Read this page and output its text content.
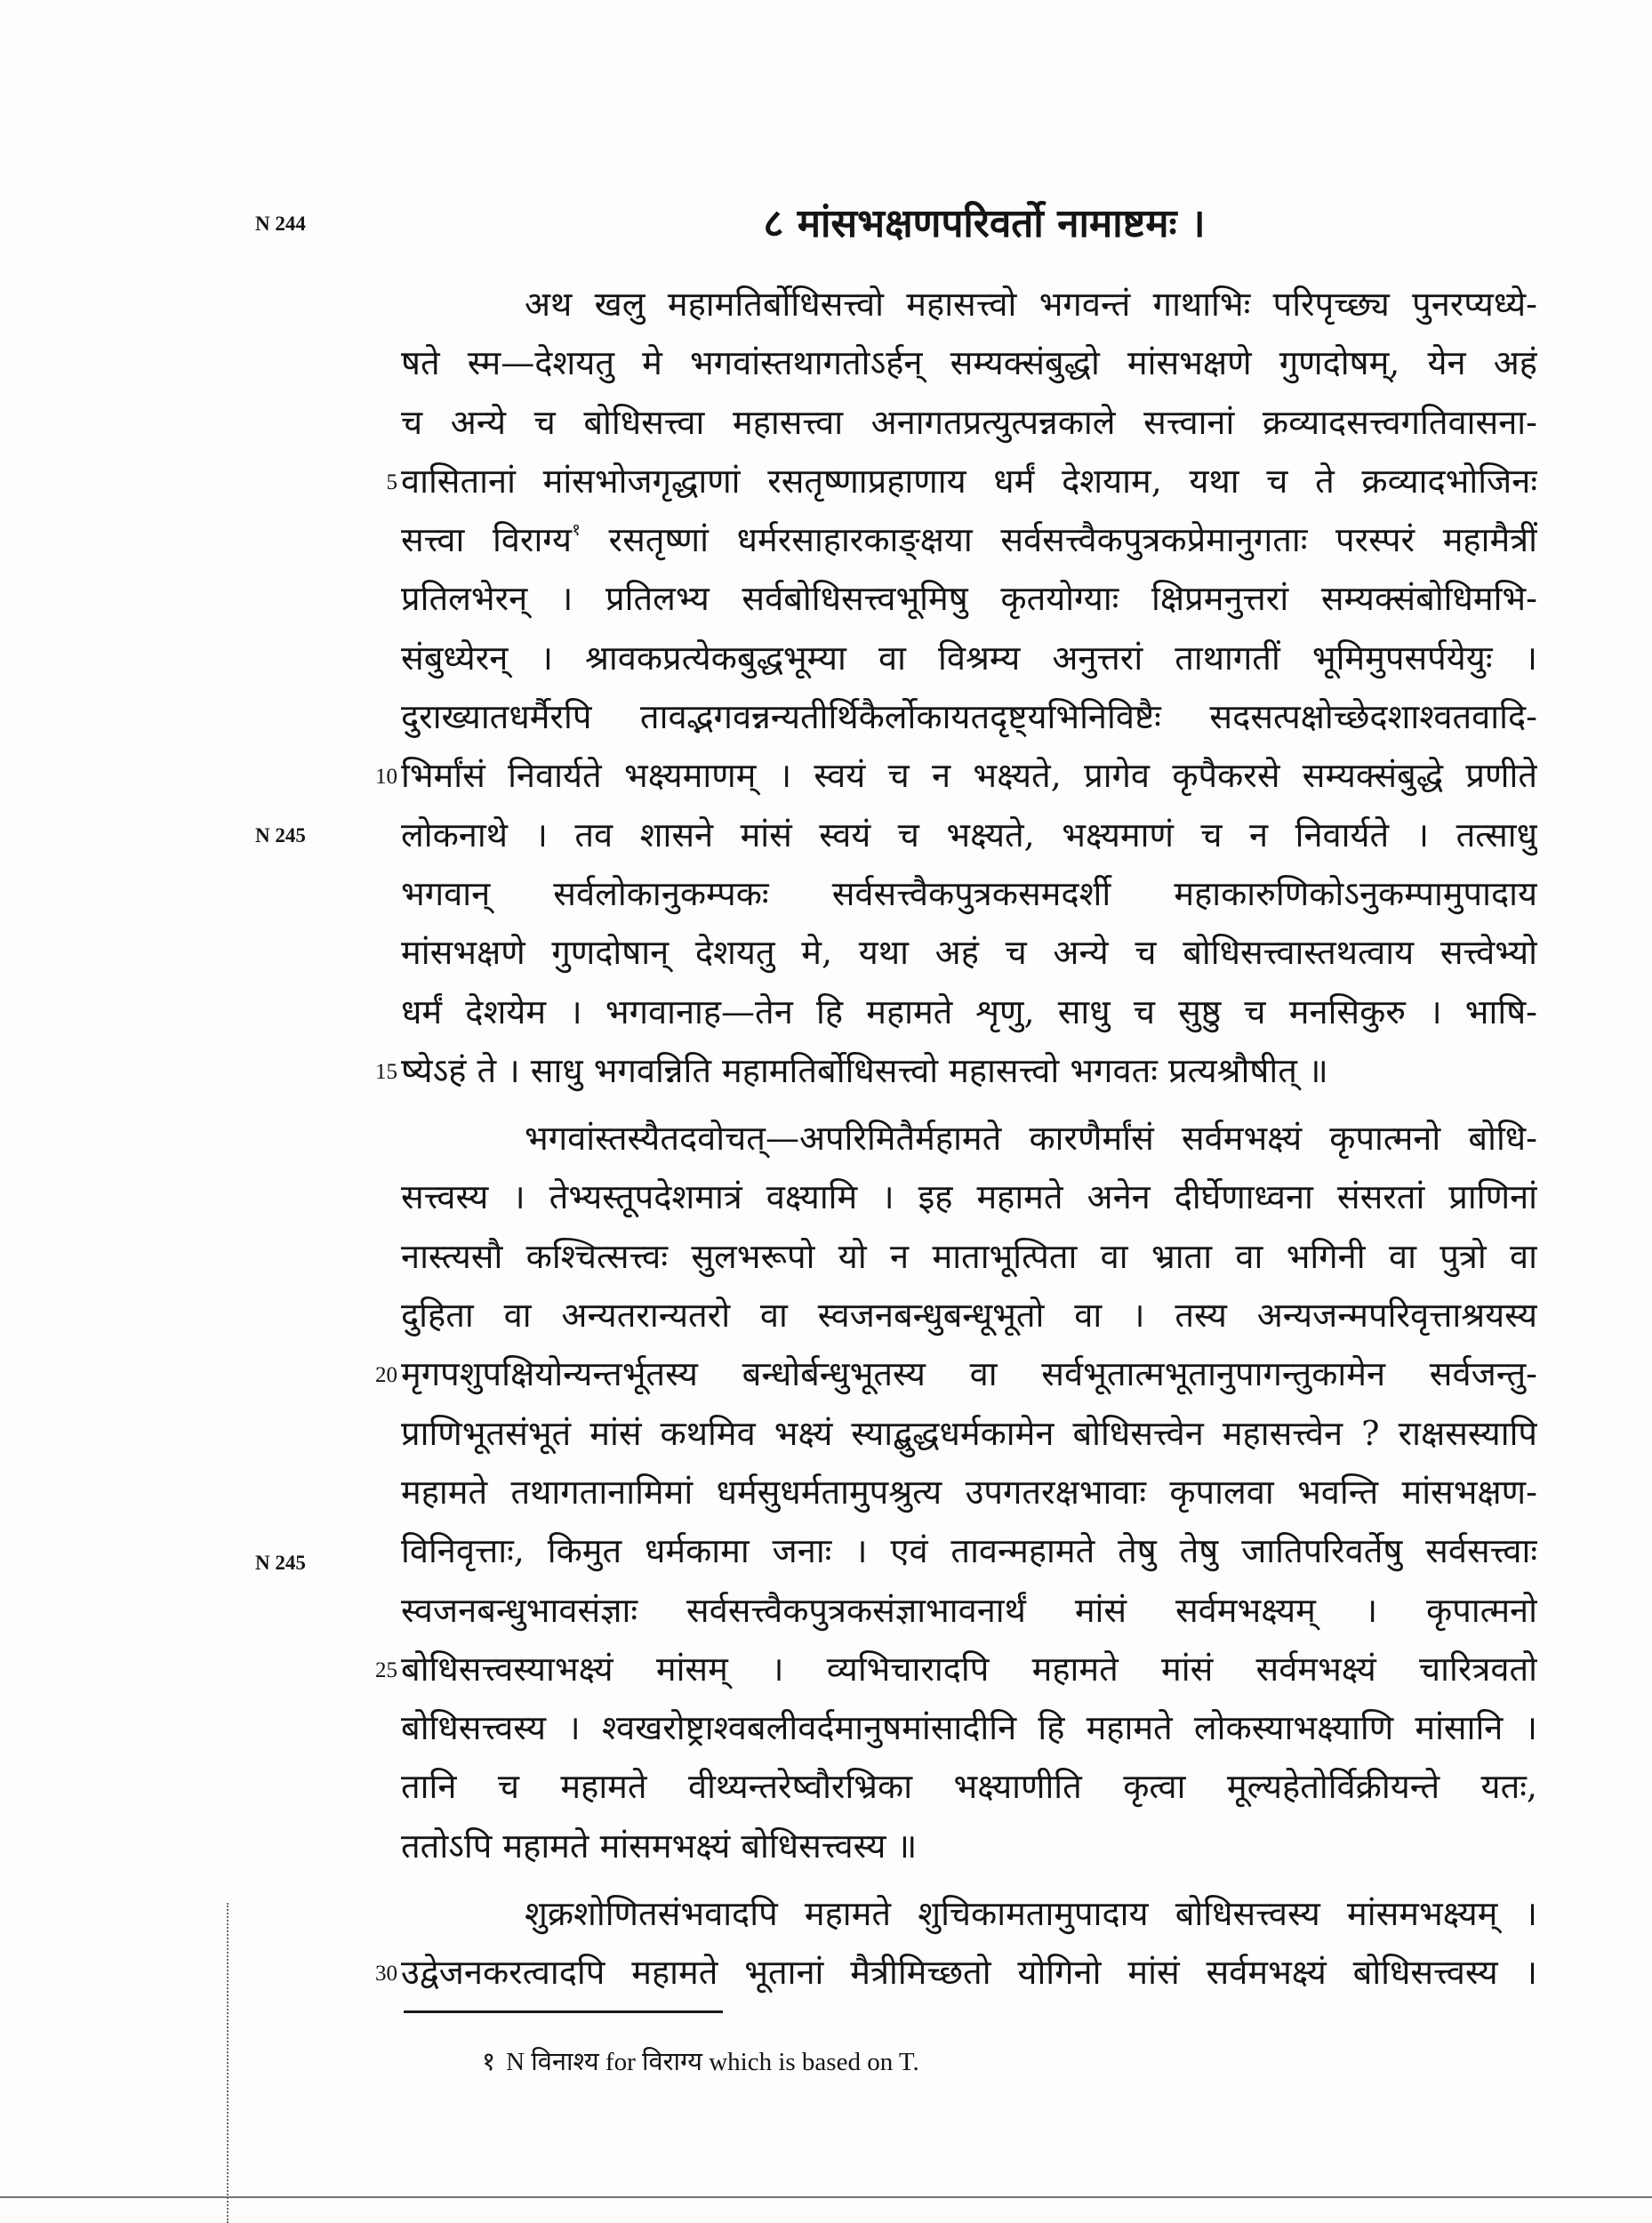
N 244
N 245
N 245
८ मांसभक्षणपरिवर्तो नामाष्टमः ।
अथ खलु महामतिर्बोधिसत्त्वो महासत्त्वो भगवन्तं गाथाभिः परिपृच्छ्य पुनरप्यध्ये-
षते स्म—देशयतु मे भगवांस्तथागतोऽर्हन् सम्यक्संबुद्धो मांसभक्षणे गुणदोषम्, येन अहं
च अन्ये च बोधिसत्त्वा महासत्त्वा अनागतप्रत्युत्पन्नकाले सत्त्वानां क्रव्यादसत्त्वगतिवासना-
5 वासितानां मांसभोजगृद्धाणां रसतृष्णाप्रहाणाय धर्मं देशयाम, यथा च ते क्रव्यादभोजिनः
सत्त्वा विराग्य$^१$ रसतृष्णां धर्मरसाहारकाङ्क्षया सर्वसत्त्वैकपुत्रकप्रेमानुगताः परस्परं महामैत्रीं
प्रतिलभेरन् । प्रतिलभ्य सर्वबोधिसत्त्वभूमिषु कृतयोग्याः क्षिप्रमनुत्तरां सम्यक्संबोधिमभि-
संबुध्येरन् । श्रावकप्रत्येकबुद्धभूम्या वा विश्रम्य अनुत्तरां ताथागतीं भूमिमुपसर्पयेयुः ।
दुराख्यातधर्मैरपि तावद्भगवन्नन्यतीर्थिकैर्लोकायतदृष्ट्यभिनिविष्टैः सदसत्पक्षोच्छेदशाश्वतवादि-
10 भिर्मांसं निवार्यते भक्ष्यमाणम् । स्वयं च न भक्ष्यते, प्रागेव कृपैकरसे सम्यक्संबुद्धे प्रणीते
लोकनाथे । तव शासने मांसं स्वयं च भक्ष्यते, भक्ष्यमाणं च न निवार्यते । तत्साधु
भगवान् सर्वलोकानुकम्पकः सर्वसत्त्वैकपुत्रकसमदर्शी महाकारुणिकोऽनुकम्पामुपादाय
मांसभक्षणे गुणदोषान् देशयतु मे, यथा अहं च अन्ये च बोधिसत्त्वास्तथत्वाय सत्त्वेभ्यो
धर्मं देशयेम । भगवानाह—तेन हि महामते शृणु, साधु च सुष्ठु च मनसिकुरु । भाषि-
15 ष्येऽहं ते । साधु भगवन्निति महामतिर्बोधिसत्त्वो महासत्त्वो भगवतः प्रत्यश्रौषीत् ॥
भगवांस्तस्यैतदवोचत्—अपरिमितैर्महामते कारणैर्मांसं सर्वमभक्ष्यं कृपात्मनो बोधि-
सत्त्वस्य । तेभ्यस्तूपदेशमात्रं वक्ष्यामि । इह महामते अनेन दीर्घेणाध्वना संसरतां प्राणिनां
नास्त्यसौ कश्चित्सत्त्वः सुलभरूपो यो न माताभूत्पिता वा भ्राता वा भगिनी वा पुत्रो वा
दुहिता वा अन्यतरान्यतरो वा स्वजनबन्धुबन्धूभूतो वा । तस्य अन्यजन्मपरिवृत्ताश्रयस्य
20 मृगपशुपक्षियोन्यन्तर्भूतस्य बन्धोर्बन्धुभूतस्य वा सर्वभूतात्मभूतानुपागन्तुकामेन सर्वजन्तु-
प्राणिभूतसंभूतं मांसं कथमिव भक्ष्यं स्याद्बुद्धधर्मकामेन बोधिसत्त्वेन महासत्त्वेन ? राक्षसस्यापि
महामते तथागतानामिमां धर्मसुधर्मतामुपश्रुत्य उपगतरक्षभावाः कृपालवा भवन्ति मांसभक्षण-
विनिवृत्ताः, किमुत धर्मकामा जनाः । एवं तावन्महामते तेषु तेषु जातिपरिवर्तेषु सर्वसत्त्वाः
स्वजनबन्धुभावसंज्ञाः सर्वसत्त्वैकपुत्रकसंज्ञाभावनार्थं मांसं सर्वमभक्ष्यम् । कृपात्मनो
25 बोधिसत्त्वस्याभक्ष्यं मांसम् । व्यभिचारादपि महामते मांसं सर्वमभक्ष्यं चारित्रवतो
बोधिसत्त्वस्य । श्वखरोष्ट्राश्वबलीवर्दमानुषमांसादीनि हि महामते लोकस्याभक्ष्याणि मांसानि ।
तानि च महामते वीथ्यन्तरेष्वौरभ्रिका भक्ष्याणीति कृत्वा मूल्यहेतोर्विक्रीयन्ते यतः,
ततोऽपि महामते मांसमभक्ष्यं बोधिसत्त्वस्य ॥
शुक्रशोणितसंभवादपि महामते शुचिकामतामुपादाय बोधिसत्त्वस्य मांसमभक्ष्यम् ।
30 उद्वेजनकरत्वादपि महामते भूतानां मैत्रीमिच्छतो योगिनो मांसं सर्वमभक्ष्यं बोधिसत्त्वस्य ।
१ N विनाश्य for विराग्य which is based on T.
